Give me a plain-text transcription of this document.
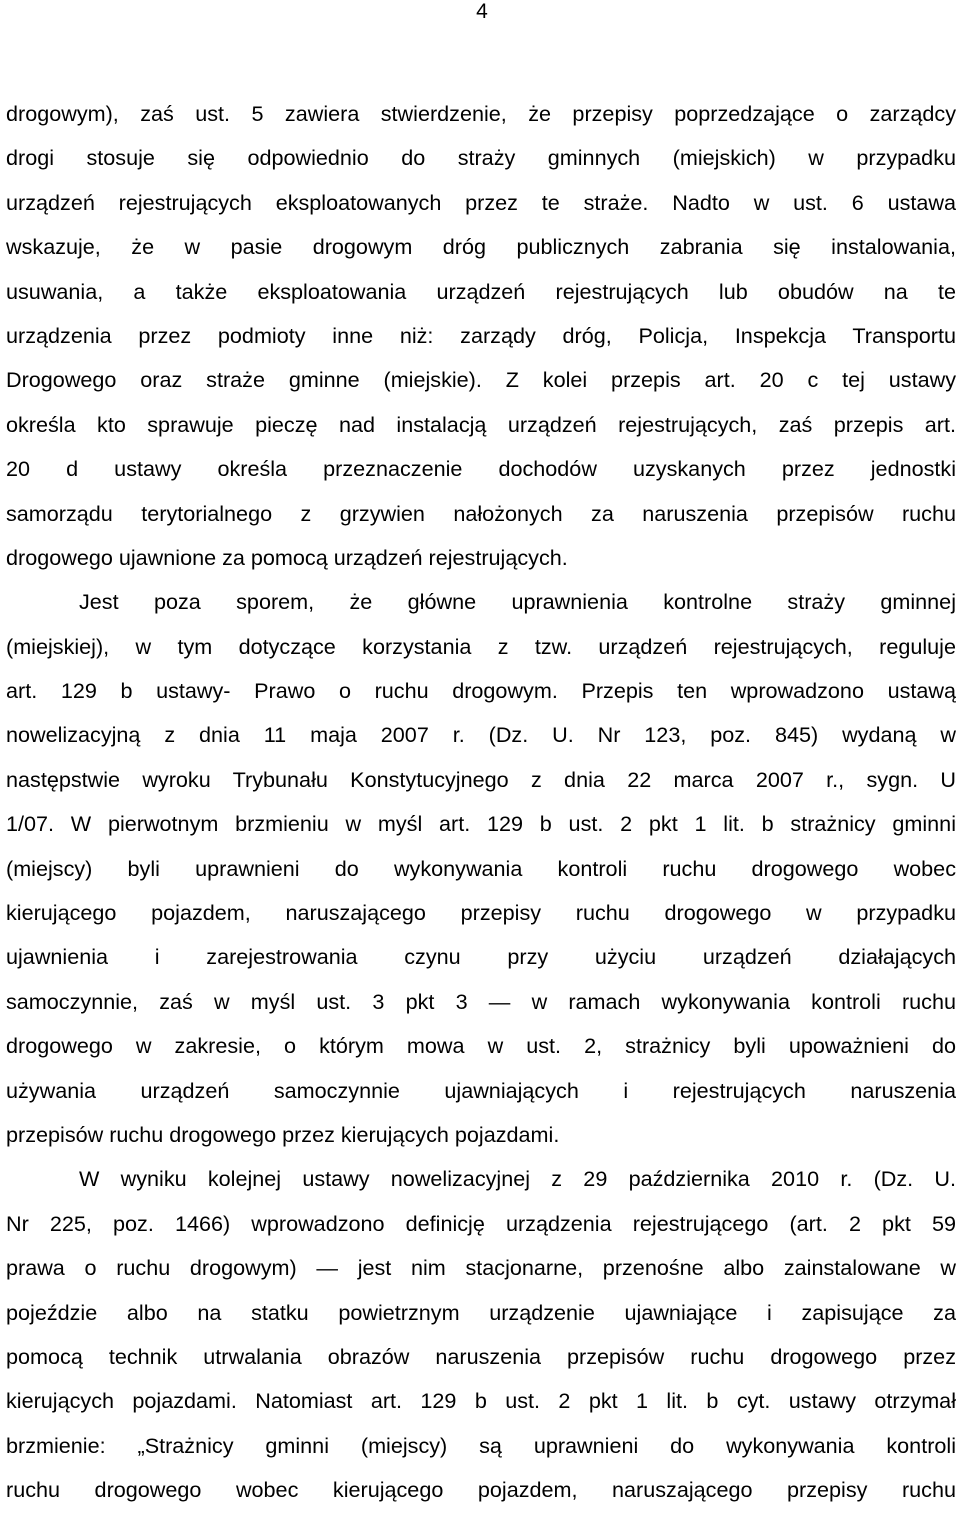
4
drogowym), zaś ust. 5 zawiera stwierdzenie, że przepisy poprzedzające o zarządcy
drogi stosuje się odpowiednio do straży gminnych (miejskich) w przypadku
urządzeń rejestrujących eksploatowanych przez te straże. Nadto w ust. 6 ustawa
wskazuje, że w pasie drogowym dróg publicznych zabrania się instalowania,
usuwania, a także eksploatowania urządzeń rejestrujących lub obudów na te
urządzenia przez podmioty inne niż: zarządy dróg, Policja, Inspekcja Transportu
Drogowego oraz straże gminne (miejskie). Z kolei przepis art. 20 c tej ustawy
określa kto sprawuje pieczę nad instalacją urządzeń rejestrujących, zaś przepis art.
20 d ustawy określa przeznaczenie dochodów uzyskanych przez jednostki
samorządu terytorialnego z grzywien nałożonych za naruszenia przepisów ruchu
drogowego ujawnione za pomocą urządzeń rejestrujących.
Jest poza sporem, że główne uprawnienia kontrolne straży gminnej
(miejskiej), w tym dotyczące korzystania z tzw. urządzeń rejestrujących, reguluje
art. 129 b ustawy- Prawo o ruchu drogowym. Przepis ten wprowadzono ustawą
nowelizacyjną z dnia 11 maja 2007 r. (Dz. U. Nr 123, poz. 845) wydaną w
następstwie wyroku Trybunału Konstytucyjnego z dnia 22 marca 2007 r., sygn. U
1/07. W pierwotnym brzmieniu w myśl art. 129 b ust. 2 pkt 1 lit. b strażnicy gminni
(miejscy) byli uprawnieni do wykonywania kontroli ruchu drogowego wobec
kierującego pojazdem, naruszającego przepisy ruchu drogowego w przypadku
ujawnienia i zarejestrowania czynu przy użyciu urządzeń działających
samoczynnie, zaś w myśl ust. 3 pkt 3 — w ramach wykonywania kontroli ruchu
drogowego w zakresie, o którym mowa w ust. 2, strażnicy byli upoważnieni do
używania urządzeń samoczynnie ujawniających i rejestrujących naruszenia
przepisów ruchu drogowego przez kierujących pojazdami.
W wyniku kolejnej ustawy nowelizacyjnej z 29 października 2010 r. (Dz. U.
Nr 225, poz. 1466) wprowadzono definicję urządzenia rejestrującego (art. 2 pkt 59
prawa o ruchu drogowym) — jest nim stacjonarne, przenośne albo zainstalowane w
pojeździe albo na statku powietrznym urządzenie ujawniające i zapisujące za
pomocą technik utrwalania obrazów naruszenia przepisów ruchu drogowego przez
kierujących pojazdami. Natomiast art. 129 b ust. 2 pkt 1 lit. b cyt. ustawy otrzymał
brzmienie: „Strażnicy gminni (miejscy) są uprawnieni do wykonywania kontroli
ruchu drogowego wobec kierującego pojazdem, naruszającego przepisy ruchu
